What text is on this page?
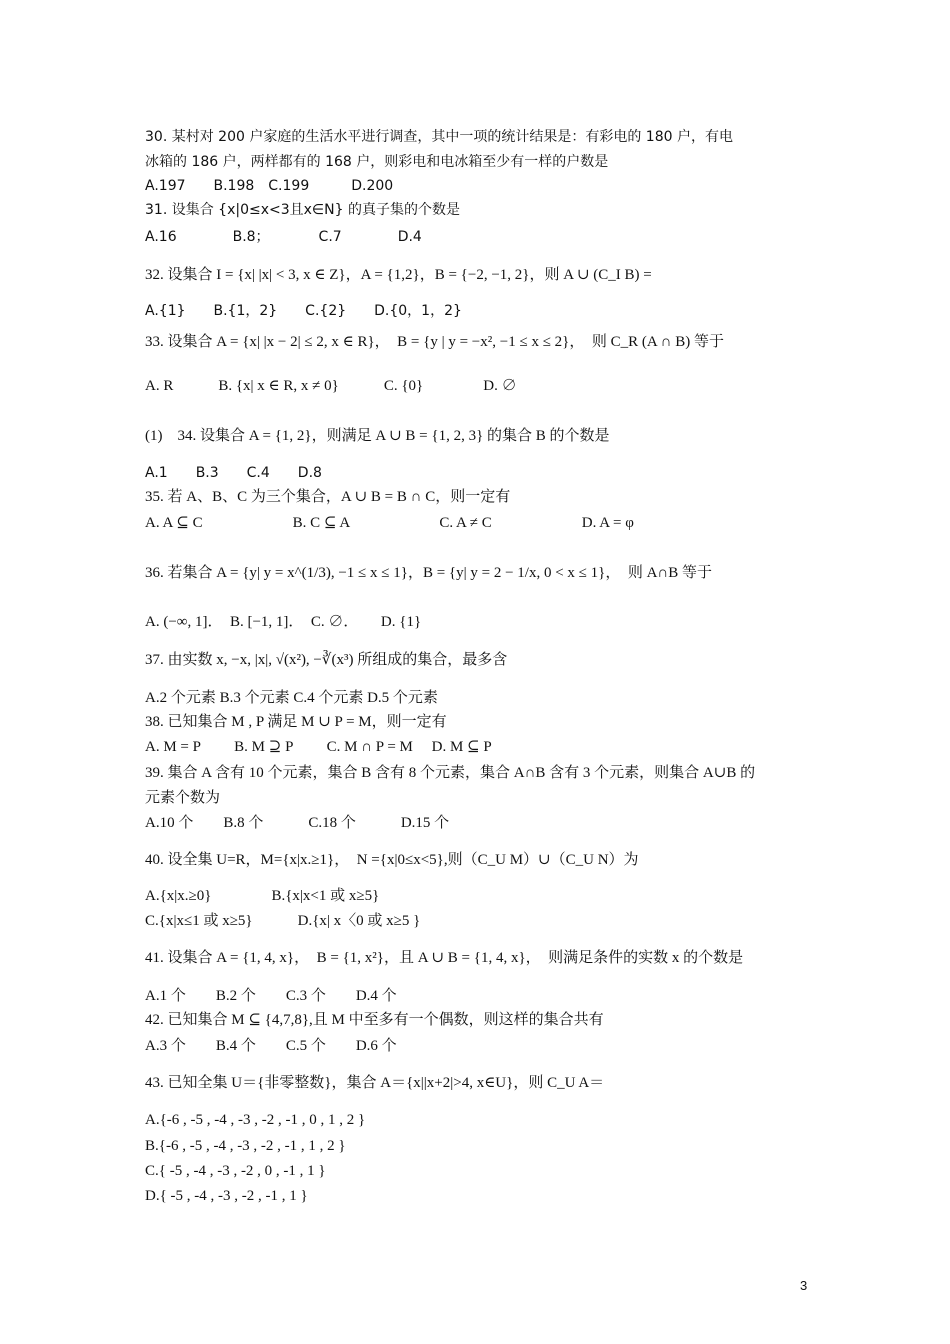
30. 某村对 200 户家庭的生活水平进行调查，其中一项的统计结果是：有彩电的 180 户，有电
冰箱的 186 户，两样都有的 168 户，则彩电和电冰箱至少有一样的户数是
A.197　　B.198　C.199　　　D.200
31. 设集合 {x|0≤x<3且x∈N} 的真子集的个数是
A.16　　　　B.8；　　　　C.7　　　　D.4
32. 设集合 I = {x| |x| < 3, x ∈ Z}，A = {1,2}，B = {−2, −1, 2}，则 A ∪ (C_I B) =
A.{1}　　B.{1，2}　　C.{2}　　D.{0，1，2}
33. 设集合 A = {x| |x − 2| ≤ 2, x ∈ R}，　B = {y | y = −x², −1 ≤ x ≤ 2}，　则 C_R (A ∩ B) 等于
A. R　　　B. {x| x ∈ R, x ≠ 0}　　　C. {0}　　　　D. ∅
(1)　34. 设集合 A = {1, 2}，则满足 A ∪ B = {1, 2, 3} 的集合 B 的个数是
A.1　　B.3　　C.4　　D.8
35. 若 A、B、C 为三个集合，A ∪ B = B ∩ C，则一定有
A. A ⊆ C　　　　　　B. C ⊆ A　　　　　　C. A ≠ C　　　　　　D. A = φ
36. 若集合 A = {y| y = x^(1/3), −1 ≤ x ≤ 1}，B = {y| y = 2 − 1/x, 0 < x ≤ 1}，　则 A∩B 等于
A. (−∞, 1]．　B. [−1, 1]．　C. ∅．　　D. {1}
37. 由实数 x, −x, |x|, √(x²), −∛(x³) 所组成的集合，最多含
A.2 个元素 B.3 个元素 C.4 个元素 D.5 个元素
38. 已知集合 M , P 满足 M ∪ P = M，则一定有
A. M = P　　 B. M ⊇ P　　 C. M ∩ P = M　 D. M ⊆ P
39. 集合 A 含有 10 个元素，集合 B 含有 8 个元素，集合 A∩B 含有 3 个元素，则集合 A∪B 的
元素个数为
A.10 个　　B.8 个　　　C.18 个　　　D.15 个
40. 设全集 U=R，M={x|x.≥1}，　N ={x|0≤x<5},则（C_U M）∪（C_U N）为
A.{x|x.≥0}　　　　B.{x|x<1 或 x≥5}
C.{x|x≤1 或 x≥5}　　　D.{x| x〈0 或 x≥5 }
41. 设集合 A = {1, 4, x}，　B = {1, x²}，且 A ∪ B = {1, 4, x}，　则满足条件的实数 x 的个数是
A.1 个　　B.2 个　　C.3 个　　D.4 个
42. 已知集合 M ⊆ {4,7,8},且 M 中至多有一个偶数，则这样的集合共有
A.3 个　　B.4 个　　C.5 个　　D.6 个
43. 已知全集 U＝{非零整数}，集合 A＝{x||x+2|>4, x∈U}，则 C_U A＝
A.{-6 , -5 , -4 , -3 , -2 , -1 , 0 , 1 , 2 }
B.{-6 , -5 , -4 , -3 , -2 , -1 , 1 , 2 }
C.{ -5 , -4 , -3 , -2 , 0 , -1 , 1 }
D.{ -5 , -4 , -3 , -2 , -1 , 1 }
3
